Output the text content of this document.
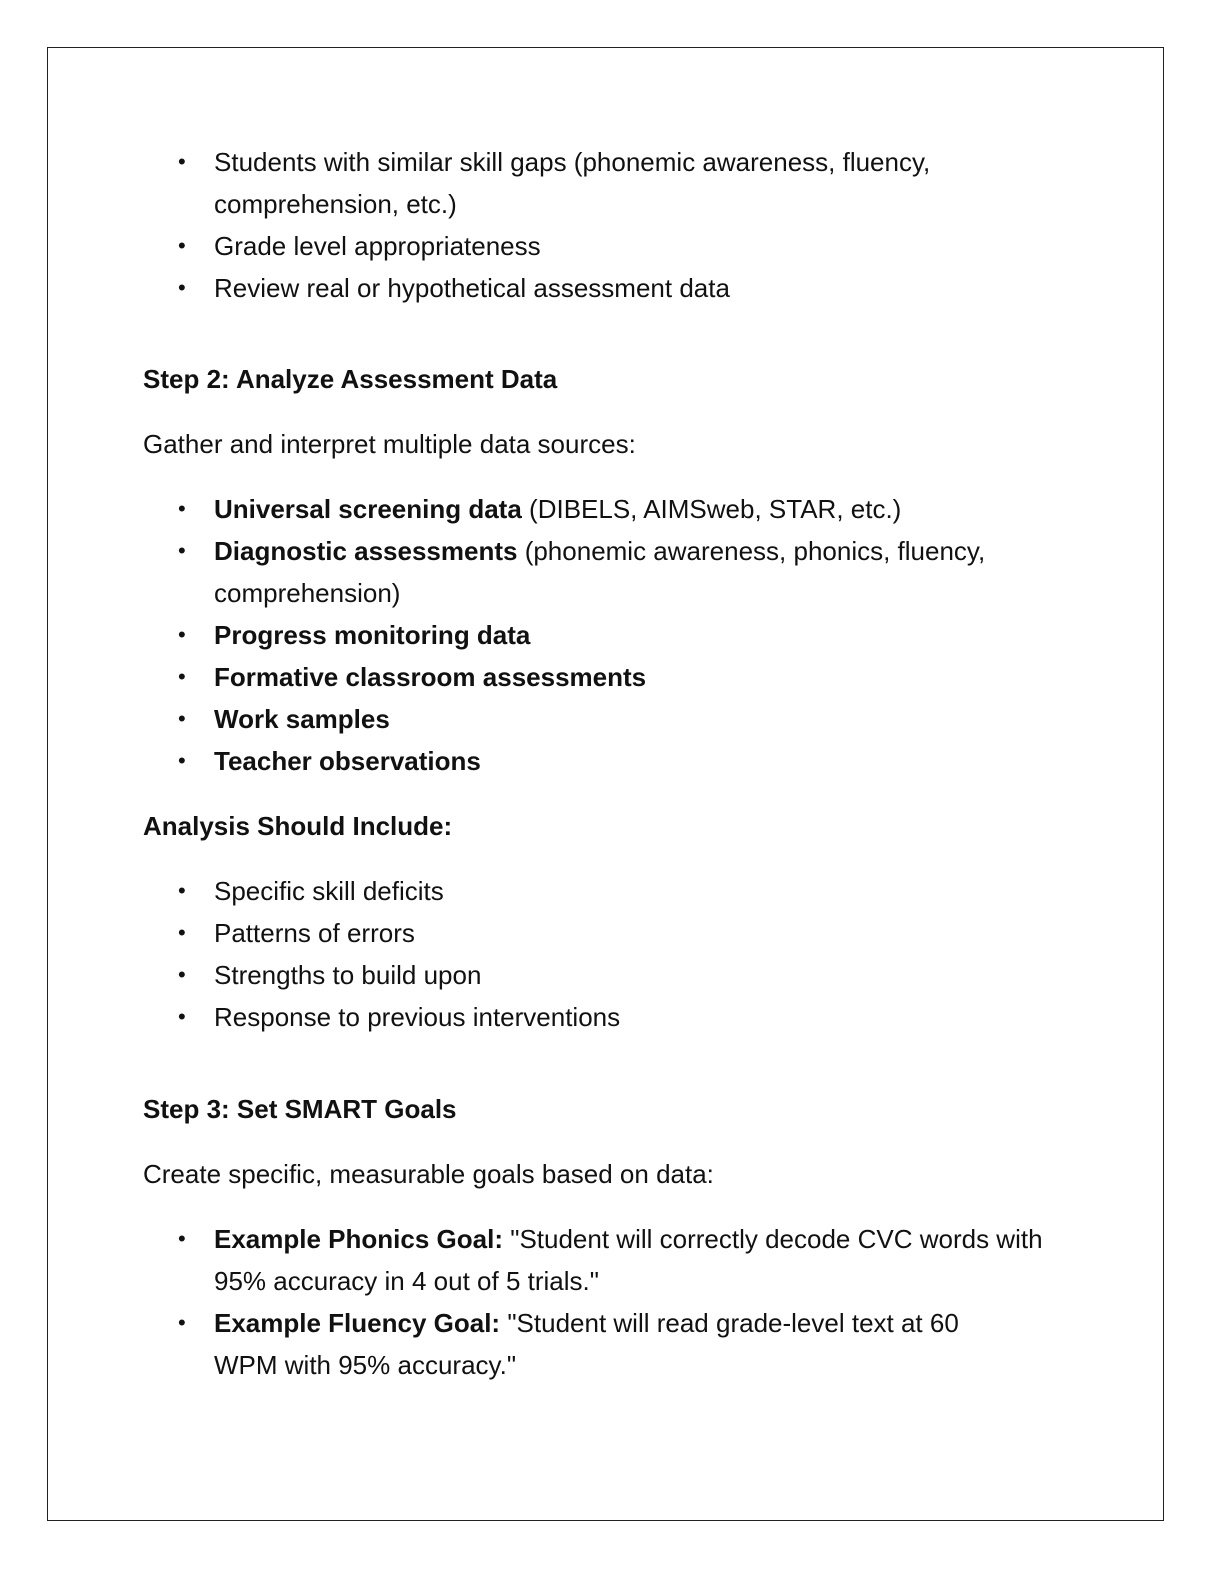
• Students with similar skill gaps (phonemic awareness, fluency, comprehension, etc.)
• Grade level appropriateness
• Review real or hypothetical assessment data

Step 2: Analyze Assessment Data

Gather and interpret multiple data sources:

• Universal screening data (DIBELS, AIMSweb, STAR, etc.)
• Diagnostic assessments (phonemic awareness, phonics, fluency, comprehension)
• Progress monitoring data
• Formative classroom assessments
• Work samples
• Teacher observations

Analysis Should Include:

• Specific skill deficits
• Patterns of errors
• Strengths to build upon
• Response to previous interventions

Step 3: Set SMART Goals

Create specific, measurable goals based on data:

• Example Phonics Goal: "Student will correctly decode CVC words with 95% accuracy in 4 out of 5 trials."
• Example Fluency Goal: "Student will read grade-level text at 60 WPM with 95% accuracy."
